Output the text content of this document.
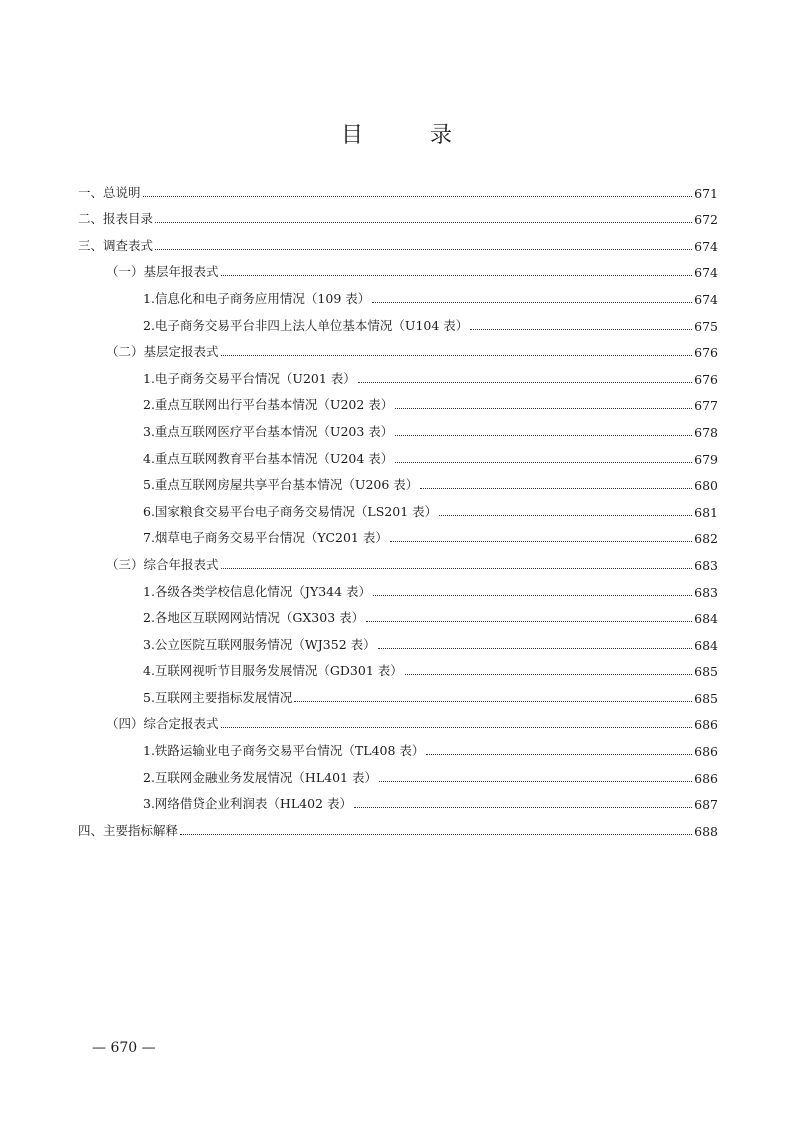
目 录
一、总说明	671
二、报表目录	672
三、调查表式	674
（一）基层年报表式	674
1.信息化和电子商务应用情况（109 表）	674
2.电子商务交易平台非四上法人单位基本情况（U104 表）	675
（二）基层定报表式	676
1.电子商务交易平台情况（U201 表）	676
2.重点互联网出行平台基本情况（U202 表）	677
3.重点互联网医疗平台基本情况（U203 表）	678
4.重点互联网教育平台基本情况（U204 表）	679
5.重点互联网房屋共享平台基本情况（U206 表）	680
6.国家粮食交易平台电子商务交易情况（LS201 表）	681
7.烟草电子商务交易平台情况（YC201 表）	682
（三）综合年报表式	683
1.各级各类学校信息化情况（JY344 表）	683
2.各地区互联网网站情况（GX303 表）	684
3.公立医院互联网服务情况（WJ352 表）	684
4.互联网视听节目服务发展情况（GD301 表）	685
5.互联网主要指标发展情况	685
（四）综合定报表式	686
1.铁路运输业电子商务交易平台情况（TL408 表）	686
2.互联网金融业务发展情况（HL401 表）	686
3.网络借贷企业利润表（HL402 表）	687
四、主要指标解释	688
— 670 —
